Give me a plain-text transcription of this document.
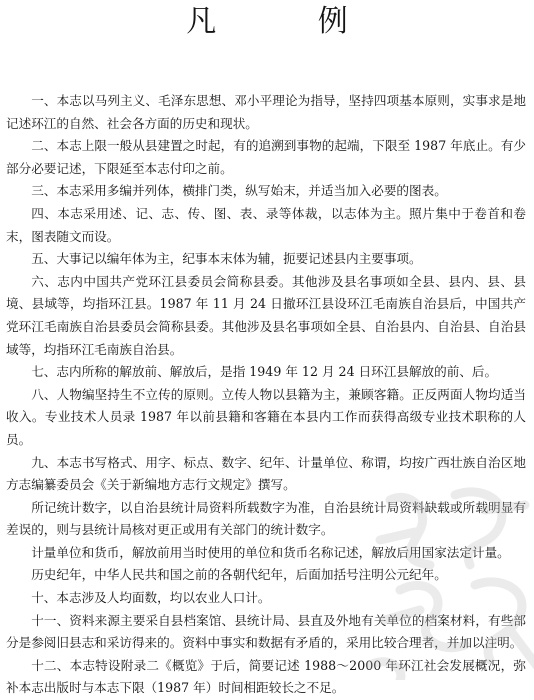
凡 例

一、本志以马列主义、毛泽东思想、邓小平理论为指导，坚持四项基本原则，实事求是地记述环江的自然、社会各方面的历史和现状。

二、本志上限一般从县建置之时起，有的追溯到事物的起端，下限至 1987 年底止。有少部分必要记述，下限延至本志付印之前。

三、本志采用多编并列体，横排门类，纵写始末，并适当加入必要的图表。

四、本志采用述、记、志、传、图、表、录等体裁，以志体为主。照片集中于卷首和卷末，图表随文而设。

五、大事记以编年体为主，纪事本末体为辅，扼要记述县内主要事项。

六、志内中国共产党环江县委员会简称县委。其他涉及县名事项如全县、县内、县、县境、县域等，均指环江县。1987 年 11 月 24 日撤环江县设环江毛南族自治县后，中国共产党环江毛南族自治县委员会简称县委。其他涉及县名事项如全县、自治县内、自治县、自治县域等，均指环江毛南族自治县。

七、志内所称的解放前、解放后，是指 1949 年 12 月 24 日环江县解放的前、后。

八、人物编坚持生不立传的原则。立传人物以县籍为主，兼顾客籍。正反两面人物均适当收入。专业技术人员录 1987 年以前县籍和客籍在本县内工作而获得高级专业技术职称的人员。

九、本志书写格式、用字、标点、数字、纪年、计量单位、称谓，均按广西壮族自治区地方志编纂委员会《关于新编地方志行文规定》撰写。

所记统计数字，以自治县统计局资料所载数字为准，自治县统计局资料缺载或所载明显有差误的，则与县统计局核对更正或用有关部门的统计数字。

计量单位和货币，解放前用当时使用的单位和货币名称记述，解放后用国家法定计量。

历史纪年，中华人民共和国之前的各朝代纪年，后面加括号注明公元纪年。

十、本志涉及人均面数，均以农业人口计。

十一、资料来源主要采自县档案馆、县统计局、县直及外地有关单位的档案材料，有些部分是参阅旧县志和采访得来的。资料中事实和数据有矛盾的，采用比较合理者，并加以注明。

十二、本志特设附录二《概览》于后，简要记述 1988～2000 年环江社会发展概况，弥补本志出版时与本志下限（1987 年）时间相距较长之不足。
